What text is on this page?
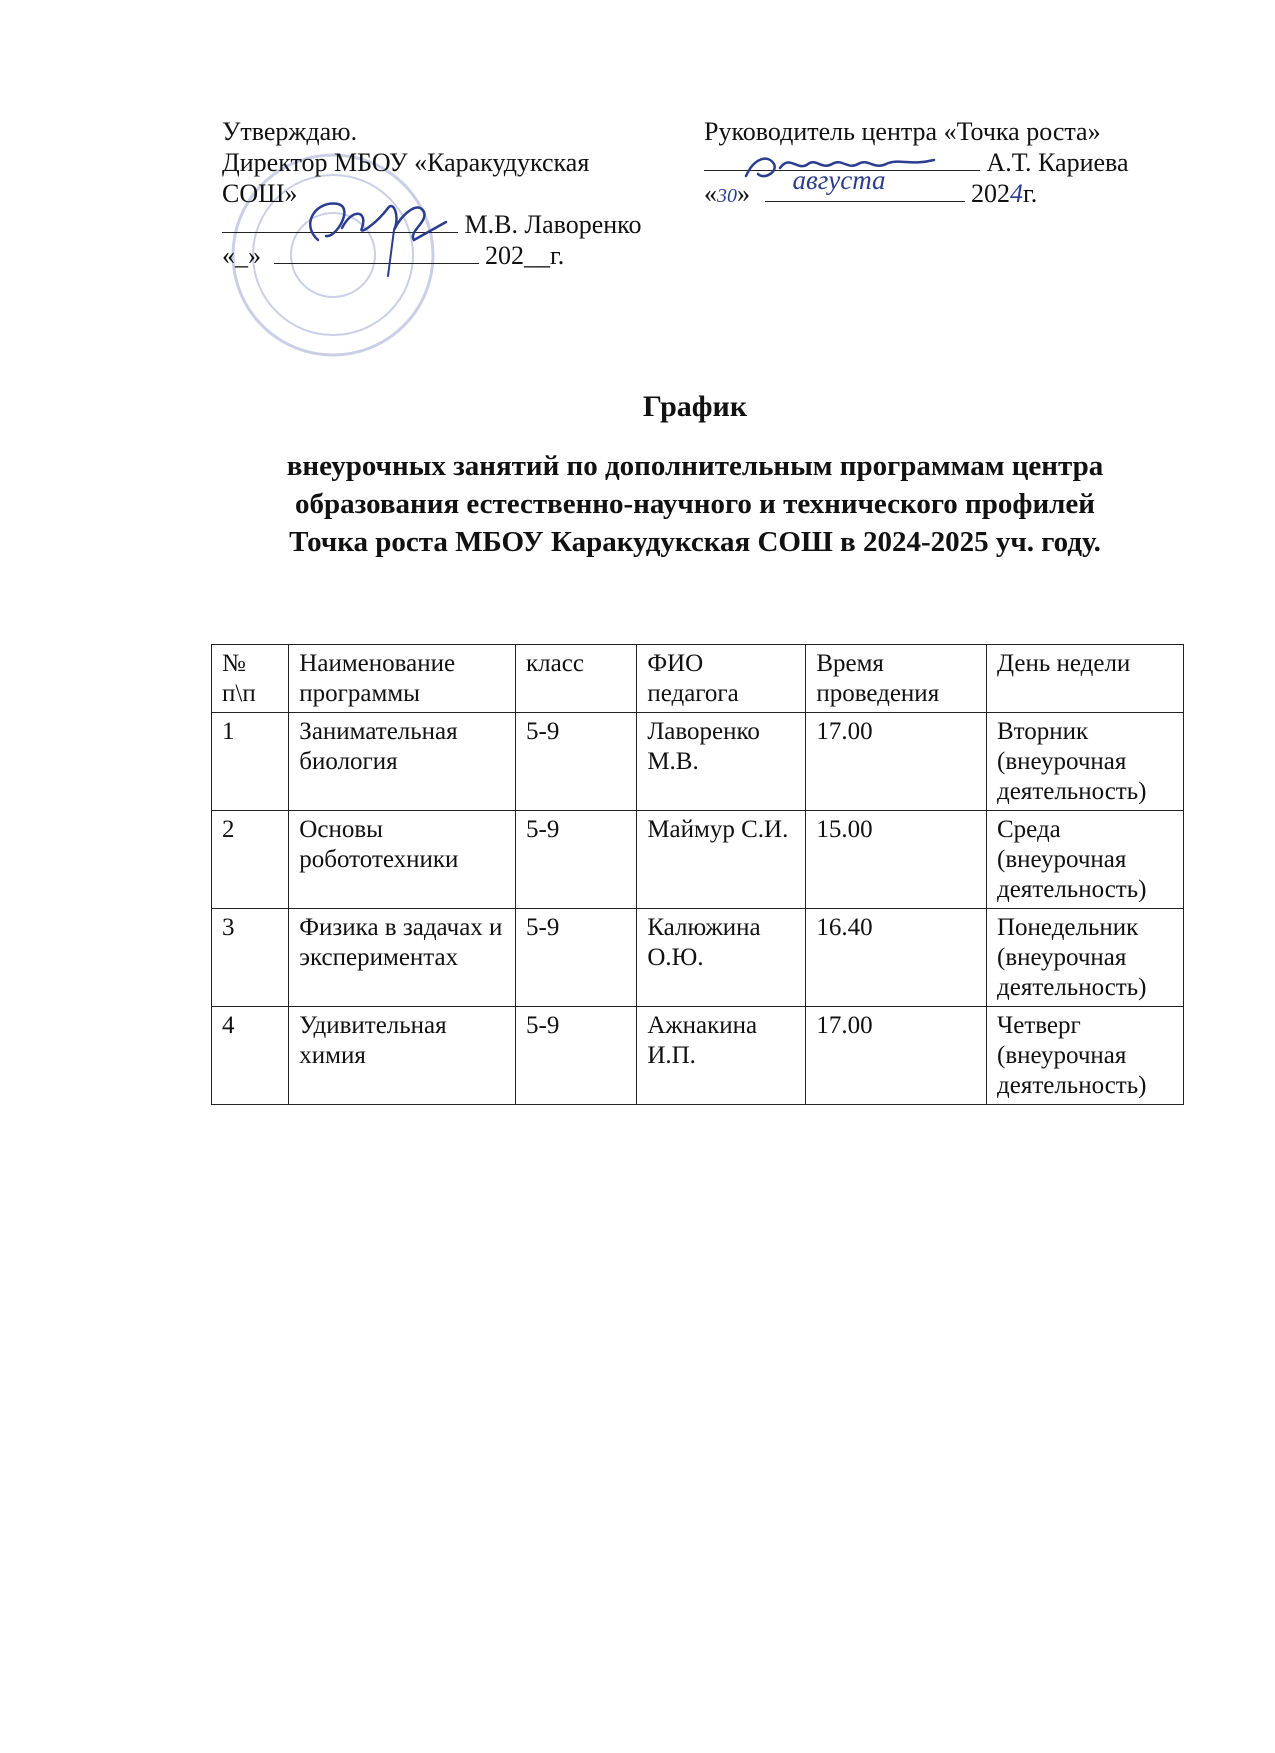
Утверждаю.
Директор МБОУ «Каракудукская
СОШ»
М.В. Лаворенко
«_»	202__г.
Руководитель центра «Точка роста»
А.Т. Кариева
«30» августа	2024г.
График
внеурочных занятий по дополнительным программам центра
образования естественно-научного и технического профилей
Точка роста МБОУ Каракудукская СОШ в 2024-2025 уч. году.
№ п\п	Наименование программы	класс	ФИО педагога	Время проведения	День недели
1	Занимательная биология	5-9	Лаворенко М.В.	17.00	Вторник (внеурочная деятельность)
2	Основы робототехники	5-9	Маймур С.И.	15.00	Среда (внеурочная деятельность)
3	Физика в задачах и экспериментах	5-9	Калюжина О.Ю.	16.40	Понедельник (внеурочная деятельность)
4	Удивительная химия	5-9	Ажнакина И.П.	17.00	Четверг (внеурочная деятельность)
